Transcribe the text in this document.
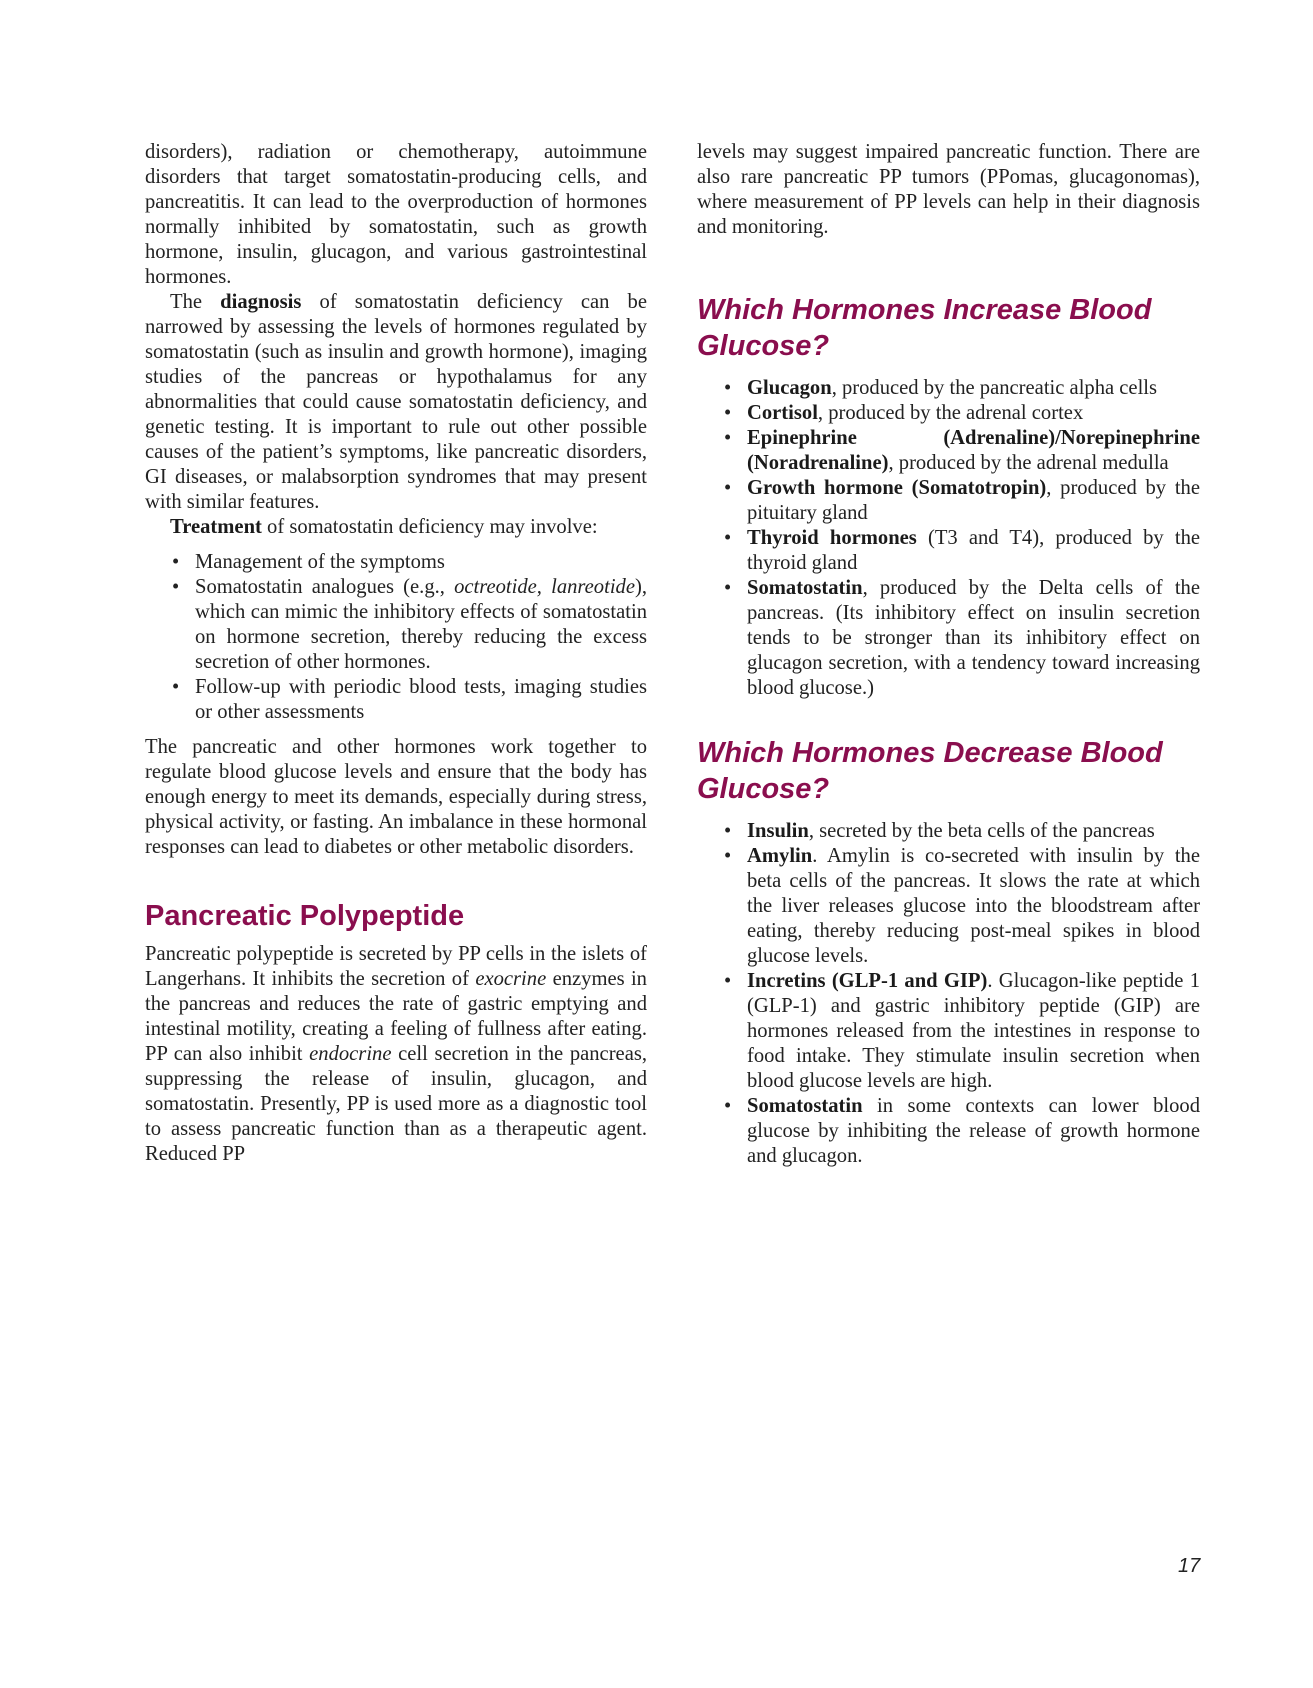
disorders), radiation or chemotherapy, autoimmune disorders that target somatostatin-producing cells, and pancreatitis. It can lead to the overproduction of hormones normally inhibited by somatostatin, such as growth hormone, insulin, glucagon, and various gastrointestinal hormones.

The diagnosis of somatostatin deficiency can be narrowed by assessing the levels of hormones regulated by somatostatin (such as insulin and growth hormone), imaging studies of the pancreas or hypothalamus for any abnormalities that could cause somatostatin deficiency, and genetic testing. It is important to rule out other possible causes of the patient’s symptoms, like pancreatic disorders, GI diseases, or malabsorption syndromes that may present with similar features.

Treatment of somatostatin deficiency may involve:

• Management of the symptoms
• Somatostatin analogues (e.g., octreotide, lanreotide), which can mimic the inhibitory effects of somatostatin on hormone secretion, thereby reducing the excess secretion of other hormones.
• Follow-up with periodic blood tests, imaging studies or other assessments

The pancreatic and other hormones work together to regulate blood glucose levels and ensure that the body has enough energy to meet its demands, especially during stress, physical activity, or fasting. An imbalance in these hormonal responses can lead to diabetes or other metabolic disorders.

Pancreatic Polypeptide

Pancreatic polypeptide is secreted by PP cells in the islets of Langerhans. It inhibits the secretion of exocrine enzymes in the pancreas and reduces the rate of gastric emptying and intestinal motility, creating a feeling of fullness after eating. PP can also inhibit endocrine cell secretion in the pancreas, suppressing the release of insulin, glucagon, and somatostatin. Presently, PP is used more as a diagnostic tool to assess pancreatic function than as a therapeutic agent. Reduced PP

levels may suggest impaired pancreatic function. There are also rare pancreatic PP tumors (PPomas, glucagonomas), where measurement of PP levels can help in their diagnosis and monitoring.

Which Hormones Increase Blood Glucose?
• Glucagon, produced by the pancreatic alpha cells
• Cortisol, produced by the adrenal cortex
• Epinephrine (Adrenaline)/Norepinephrine (Noradrenaline), produced by the adrenal medulla
• Growth hormone (Somatotropin), produced by the pituitary gland
• Thyroid hormones (T3 and T4), produced by the thyroid gland
• Somatostatin, produced by the Delta cells of the pancreas. (Its inhibitory effect on insulin secretion tends to be stronger than its inhibitory effect on glucagon secretion, with a tendency toward increasing blood glucose.)
Which Hormones Decrease Blood Glucose?
• Insulin, secreted by the beta cells of the pancreas
• Amylin. Amylin is co-secreted with insulin by the beta cells of the pancreas. It slows the rate at which the liver releases glucose into the bloodstream after eating, thereby reducing post-meal spikes in blood glucose levels.
• Incretins (GLP-1 and GIP). Glucagon-like peptide 1 (GLP-1) and gastric inhibitory peptide (GIP) are hormones released from the intestines in response to food intake. They stimulate insulin secretion when blood glucose levels are high.
• Somatostatin in some contexts can lower blood glucose by inhibiting the release of growth hormone and glucagon.
17
